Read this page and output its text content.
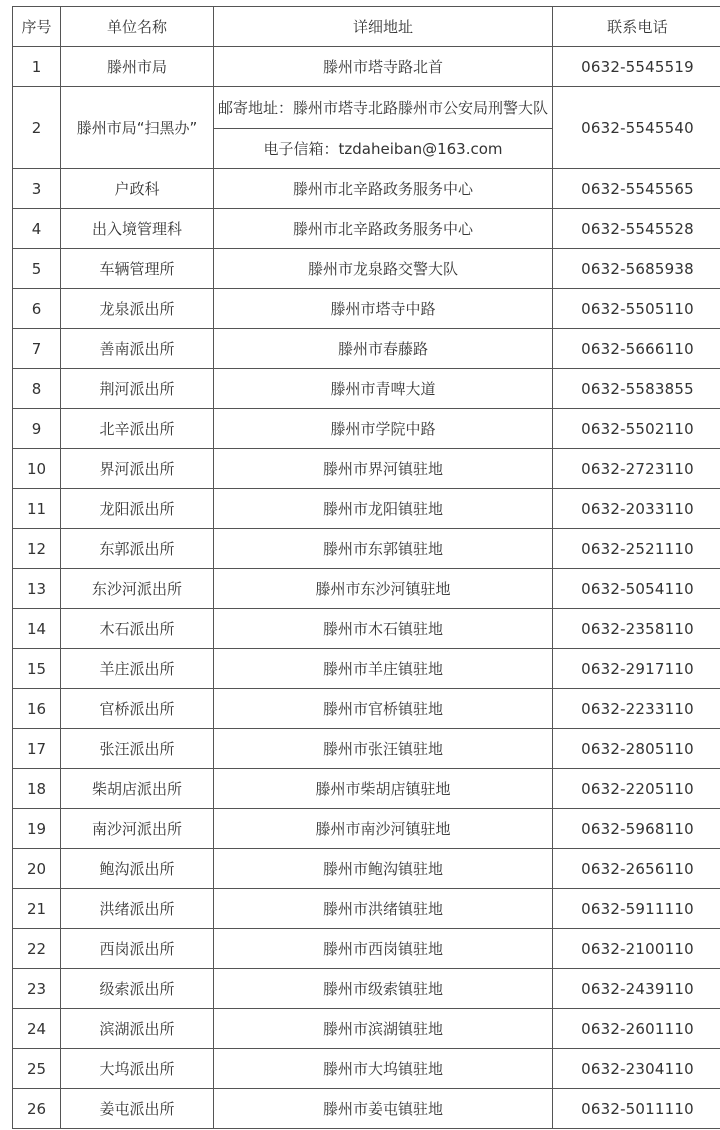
序号	单位名称	详细地址	联系电话
1	滕州市局	滕州市塔寺路北首	0632-5545519
2	滕州市局“扫黑办”	邮寄地址：滕州市塔寺北路滕州市公安局刑警大队	0632-5545540
		电子信箱：tzdaheiban@163.com	
3	户政科	滕州市北辛路政务服务中心	0632-5545565
4	出入境管理科	滕州市北辛路政务服务中心	0632-5545528
5	车辆管理所	滕州市龙泉路交警大队	0632-5685938
6	龙泉派出所	滕州市塔寺中路	0632-5505110
7	善南派出所	滕州市春藤路	0632-5666110
8	荆河派出所	滕州市青啤大道	0632-5583855
9	北辛派出所	滕州市学院中路	0632-5502110
10	界河派出所	滕州市界河镇驻地	0632-2723110
11	龙阳派出所	滕州市龙阳镇驻地	0632-2033110
12	东郭派出所	滕州市东郭镇驻地	0632-2521110
13	东沙河派出所	滕州市东沙河镇驻地	0632-5054110
14	木石派出所	滕州市木石镇驻地	0632-2358110
15	羊庄派出所	滕州市羊庄镇驻地	0632-2917110
16	官桥派出所	滕州市官桥镇驻地	0632-2233110
17	张汪派出所	滕州市张汪镇驻地	0632-2805110
18	柴胡店派出所	滕州市柴胡店镇驻地	0632-2205110
19	南沙河派出所	滕州市南沙河镇驻地	0632-5968110
20	鲍沟派出所	滕州市鲍沟镇驻地	0632-2656110
21	洪绪派出所	滕州市洪绪镇驻地	0632-5911110
22	西岗派出所	滕州市西岗镇驻地	0632-2100110
23	级索派出所	滕州市级索镇驻地	0632-2439110
24	滨湖派出所	滕州市滨湖镇驻地	0632-2601110
25	大坞派出所	滕州市大坞镇驻地	0632-2304110
26	姜屯派出所	滕州市姜屯镇驻地	0632-5011110
